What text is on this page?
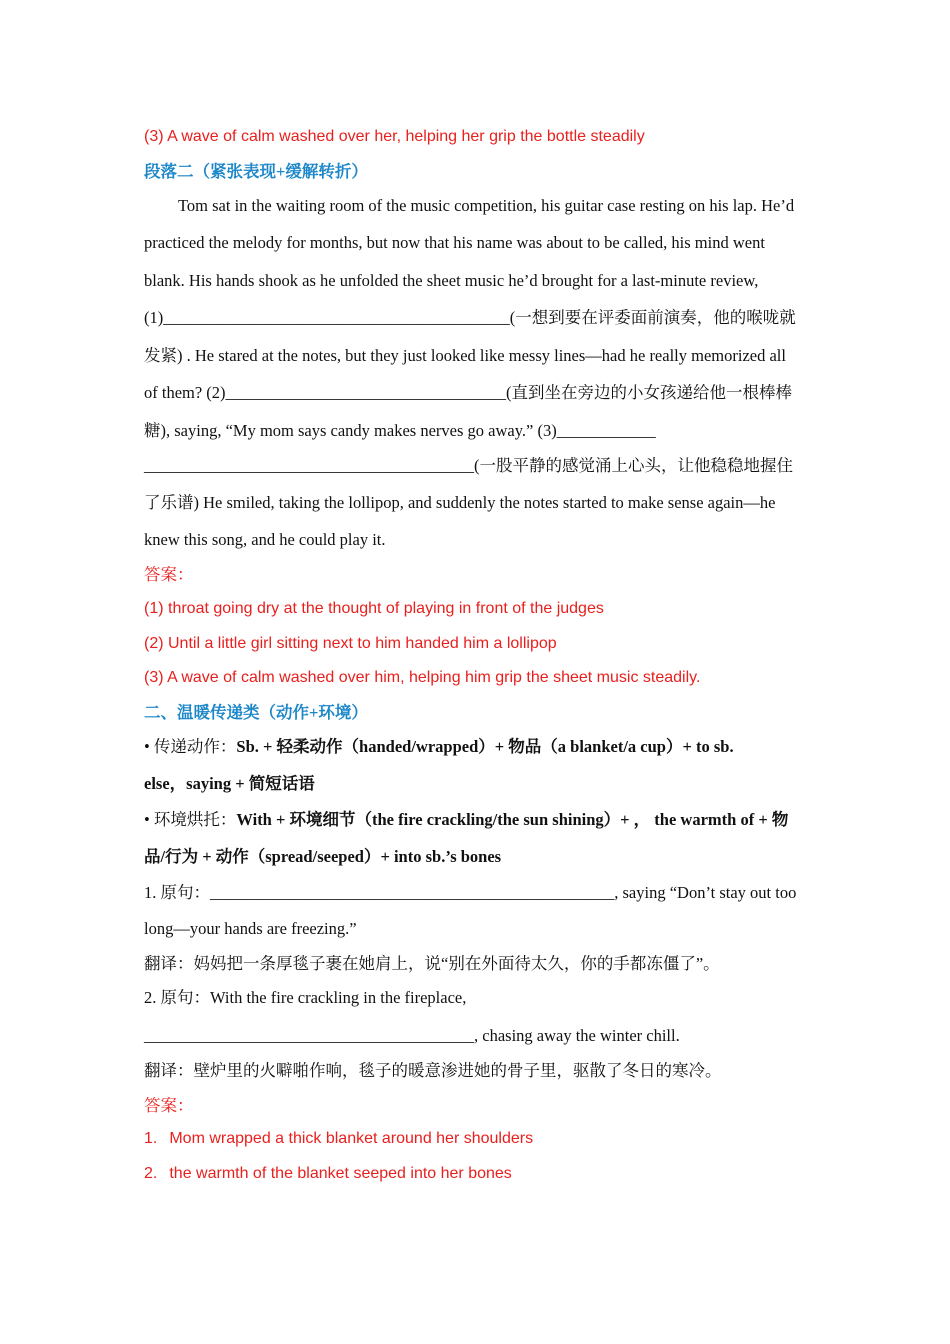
(3) A wave of calm washed over her, helping her grip the bottle steadily
段落二（紧张表现+缓解转折）
Tom sat in the waiting room of the music competition, his guitar case resting on his lap. He’d
practiced the melody for months, but now that his name was about to be called, his mind went
blank. His hands shook as he unfolded the sheet music he’d brought for a last-minute review,
(1)__________________________________________(一想到要在评委面前演奏，他的喉咙就
发紧) . He stared at the notes, but they just looked like messy lines—had he really memorized all
of them? (2)__________________________________(直到坐在旁边的小女孩递给他一根棒棒
糖), saying, “My mom says candy makes nerves go away.” (3)____________
________________________________________(一股平静的感觉涌上心头，让他稳稳地握住
了乐谱) He smiled, taking the lollipop, and suddenly the notes started to make sense again—he
knew this song, and he could play it.
答案：
(1) throat going dry at the thought of playing in front of the judges
(2) Until a little girl sitting next to him handed him a lollipop
(3) A wave of calm washed over him, helping him grip the sheet music steadily.
二、温暖传递类（动作+环境）
• 传递动作：Sb. + 轻柔动作（handed/wrapped）+ 物品（a blanket/a cup）+ to sb.
else，saying + 简短话语
• 环境烘托：With + 环境细节（the fire crackling/the sun shining）+ ， the warmth of + 物
品/行为 + 动作（spread/seeped）+ into sb.’s bones
1. 原句：_________________________________________________, saying “Don’t stay out too
long—your hands are freezing.”
翻译：妈妈把一条厚毯子裹在她肩上，说“别在外面待太久，你的手都冻僵了”。
2. 原句：With the fire crackling in the fireplace,
________________________________________, chasing away the winter chill.
翻译：壁炉里的火噼啪作响，毯子的暖意渗进她的骨子里，驱散了冬日的寒冷。
答案：
1. Mom wrapped a thick blanket around her shoulders
2. the warmth of the blanket seeped into her bones
